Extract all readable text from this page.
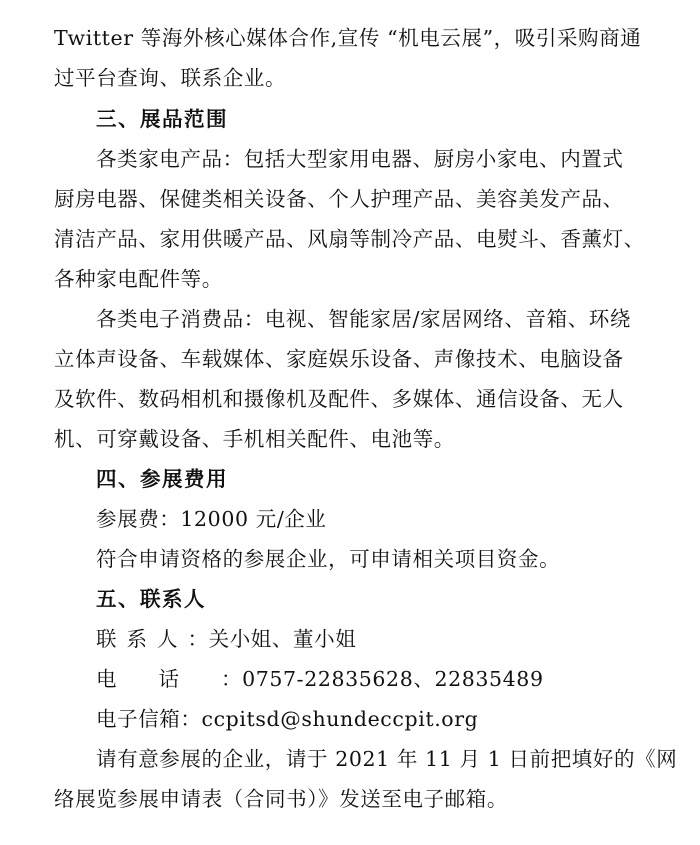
Twitter 等海外核心媒体合作,宣传 “机电云展”，吸引采购商通
过平台查询、联系企业。
三、展品范围
各类家电产品：包括大型家用电器、厨房小家电、内置式
厨房电器、保健类相关设备、个人护理产品、美容美发产品、
清洁产品、家用供暖产品、风扇等制冷产品、电熨斗、香薰灯、
各种家电配件等。
各类电子消费品：电视、智能家居/家居网络、音箱、环绕
立体声设备、车载媒体、家庭娱乐设备、声像技术、电脑设备
及软件、数码相机和摄像机及配件、多媒体、通信设备、无人
机、可穿戴设备、手机相关配件、电池等。
四、参展费用
参展费：12000 元/企业
符合申请资格的参展企业，可申请相关项目资金。
五、联系人
联系人：关小姐、董小姐
电话：0757-22835628、22835489
电子信箱：ccpitsd@shundeccpit.org
请有意参展的企业，请于 2021 年 11 月 1 日前把填好的《网
络展览参展申请表（合同书）》发送至电子邮箱。
